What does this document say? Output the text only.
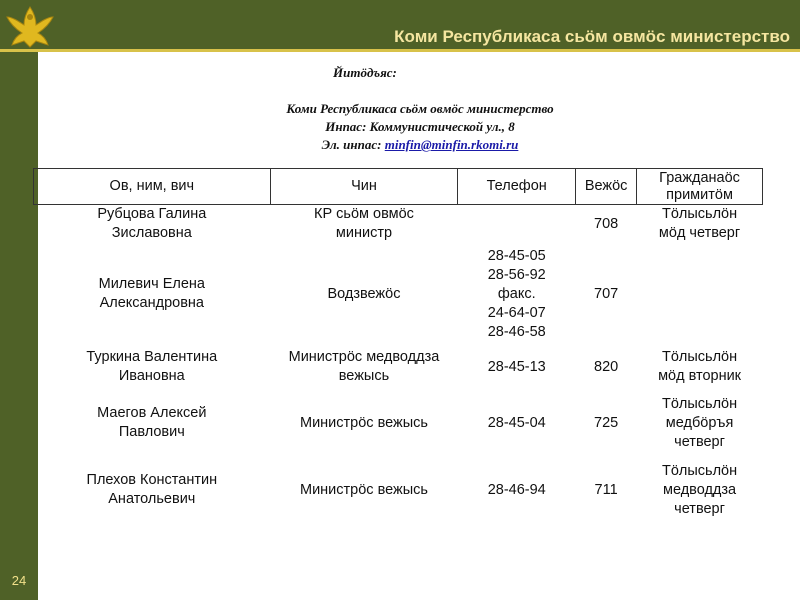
Коми Республикаса сьӧм овмӧс министерство
24
Йитӧдъяс:
Коми Республикаса сьӧм овмӧс министерство
Инпас: Коммунистической ул., 8
Эл. инпас: minfin@minfin.rkomi.ru
Ов, ним, вич	Чин	Телефон	Вежӧс	Гражданаӧс
примитӧм
Рубцова Галина
Зиславовна	КР сьӧм овмӧс
министр		708	Тӧлысьлӧн
мӧд четверг
Милевич Елена
Александровна	Водзвежӧс	28-45-05
28-56-92
факс.
24-64-07
28-46-58	707	
Туркина Валентина
Ивановна	Министрӧс медводдза
вежысь	28-45-13	820	Тӧлысьлӧн
мӧд вторник
Маегов Алексей
Павлович	Министрӧс вежысь	28-45-04	725	Тӧлысьлӧн
медбӧръя
четверг
Плехов Константин
Анатольевич	Министрӧс вежысь	28-46-94	711	Тӧлысьлӧн
медводдза
четверг
